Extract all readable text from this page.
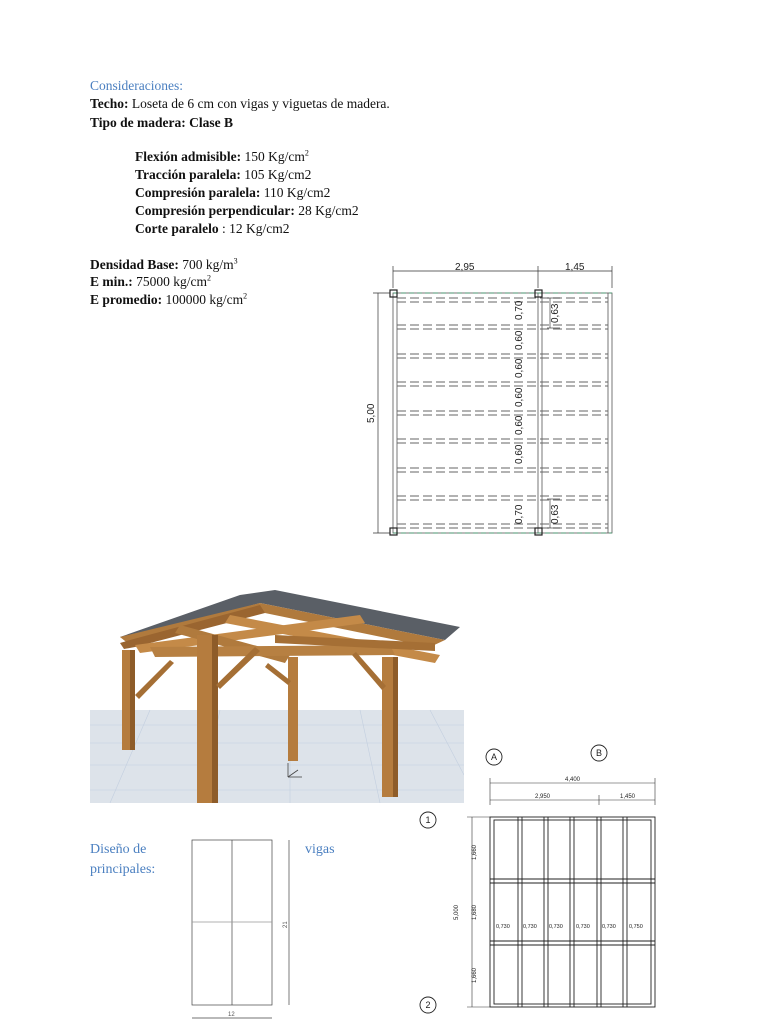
Consideraciones:
Techo: Loseta de 6 cm con vigas y viguetas de madera.
Tipo de madera: Clase B
Flexión admisible: 150 $Kg/cm^2$
Tracción paralela: 105 Kg/cm2
Compresión paralela: 110 Kg/cm2
Compresión perpendicular: 28 Kg/cm2
Corte paralelo : 12 Kg/cm2
Densidad Base: 700 $kg/m^3$
E min.: 75000 $kg/cm^2$
E promedio: 100000 $kg/cm^2$
2,95	1,45
5,00
0,70
0,60
0,60
0,60
0,60
0,60
0,70
0,63
0,63
Diseño de
principales:
vigas
21
12
A	B
1
2
4,400
2,950	1,450
5,000
1,660
1,680
1,660
0,730 0,730 0,730 0,730 0,730 0,750
